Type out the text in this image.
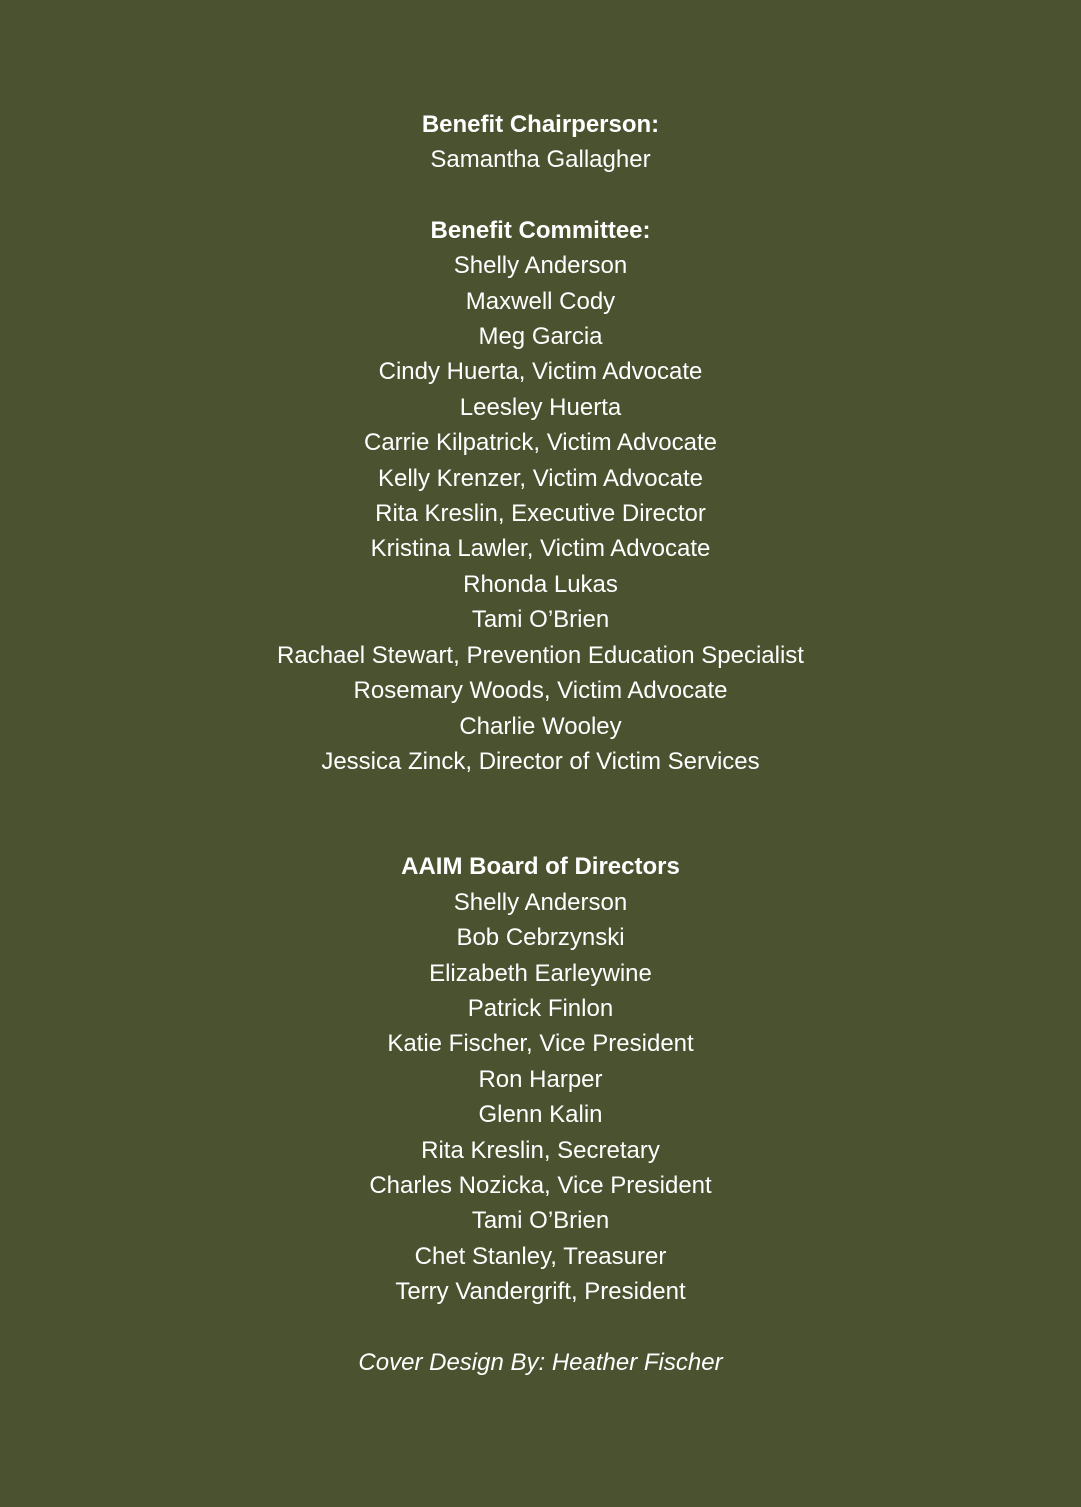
Benefit Chairperson:
Samantha Gallagher
Benefit Committee:
Shelly Anderson
Maxwell Cody
Meg Garcia
Cindy Huerta, Victim Advocate
Leesley Huerta
Carrie Kilpatrick, Victim Advocate
Kelly Krenzer, Victim Advocate
Rita Kreslin, Executive Director
Kristina Lawler, Victim Advocate
Rhonda Lukas
Tami O’Brien
Rachael Stewart, Prevention Education Specialist
Rosemary Woods, Victim Advocate
Charlie Wooley
Jessica Zinck, Director of Victim Services
AAIM Board of Directors
Shelly Anderson
Bob Cebrzynski
Elizabeth Earleywine
Patrick Finlon
Katie Fischer, Vice President
Ron Harper
Glenn Kalin
Rita Kreslin, Secretary
Charles Nozicka, Vice President
Tami O’Brien
Chet Stanley, Treasurer
Terry Vandergrift, President
Cover Design By: Heather Fischer
